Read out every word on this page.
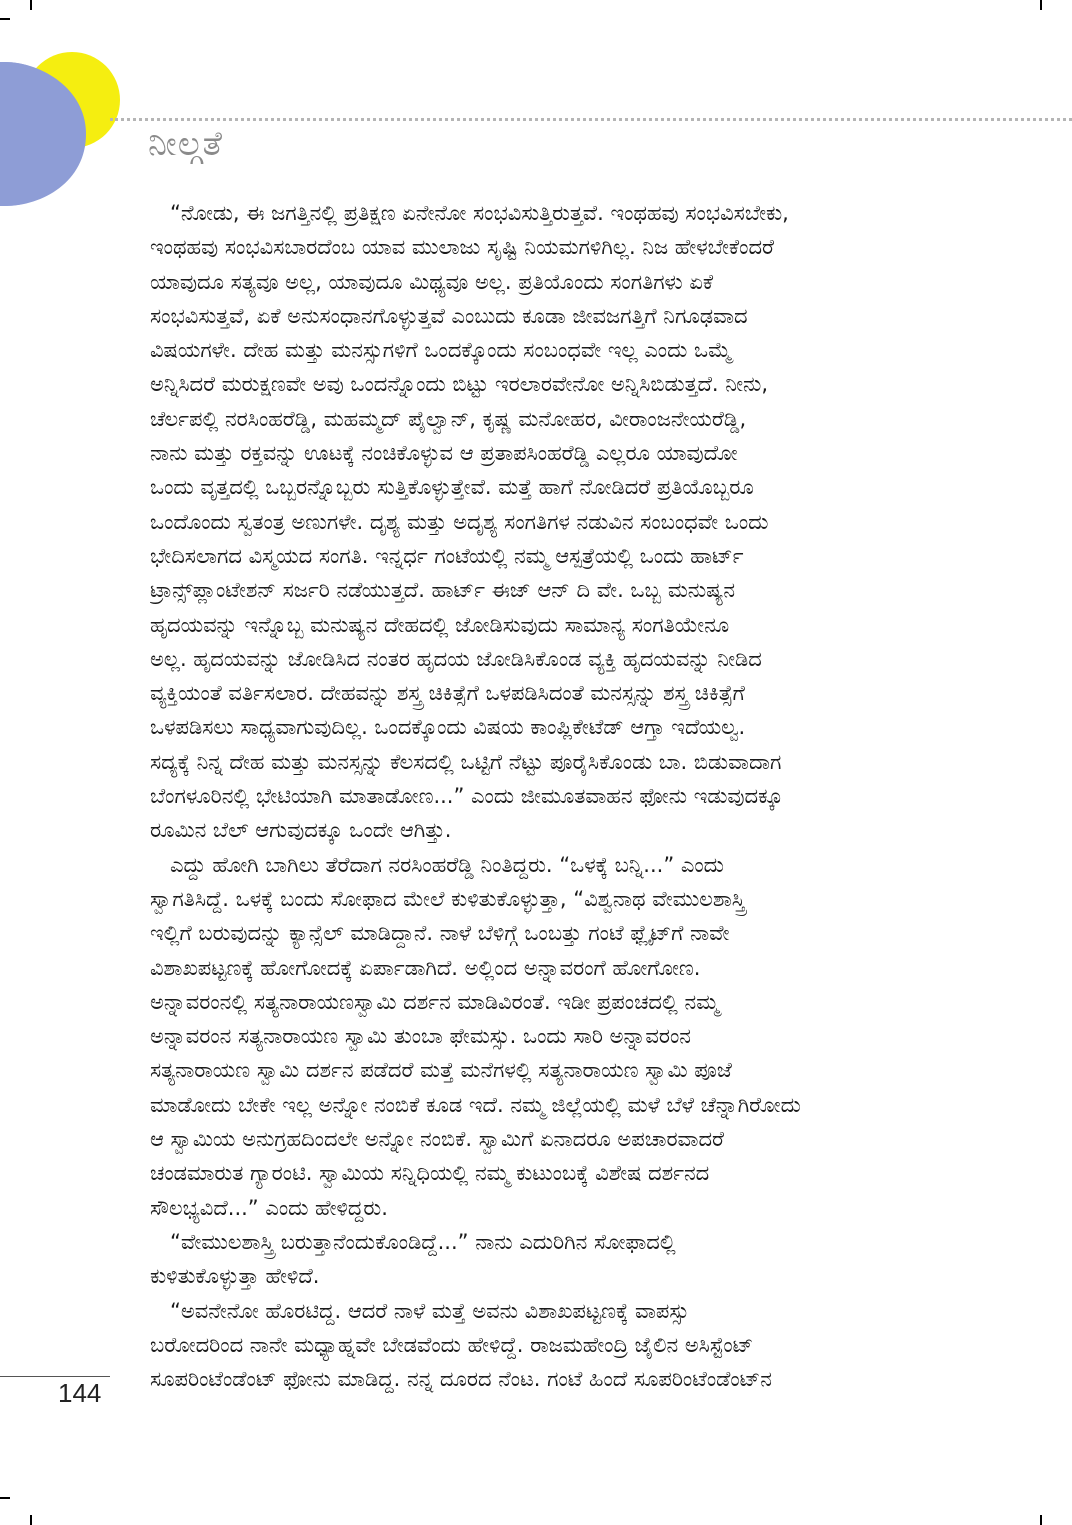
ನೀಲ್ಗತೆ
“ನೋಡು, ಈ ಜಗತ್ತಿನಲ್ಲಿ ಪ್ರತಿಕ್ಷಣ ಏನೇನೋ ಸಂಭವಿಸುತ್ತಿರುತ್ತವೆ. ಇಂಥಹವು ಸಂಭವಿಸಬೇಕು,
ಇಂಥಹವು ಸಂಭವಿಸಬಾರದೆಂಬ ಯಾವ ಮುಲಾಜು ಸೃಷ್ಟಿ ನಿಯಮಗಳಿಗಿಲ್ಲ. ನಿಜ ಹೇಳಬೇಕೆಂದರೆ
ಯಾವುದೂ ಸತ್ಯವೂ ಅಲ್ಲ, ಯಾವುದೂ ಮಿಥ್ಯವೂ ಅಲ್ಲ. ಪ್ರತಿಯೊಂದು ಸಂಗತಿಗಳು ಏಕೆ
ಸಂಭವಿಸುತ್ತವೆ, ಏಕೆ ಅನುಸಂಧಾನಗೊಳ್ಳುತ್ತವೆ ಎಂಬುದು ಕೂಡಾ ಜೀವಜಗತ್ತಿಗೆ ನಿಗೂಢವಾದ
ವಿಷಯಗಳೇ. ದೇಹ ಮತ್ತು ಮನಸ್ಸುಗಳಿಗೆ ಒಂದಕ್ಕೊಂದು ಸಂಬಂಧವೇ ಇಲ್ಲ ಎಂದು ಒಮ್ಮೆ
ಅನ್ನಿಸಿದರೆ ಮರುಕ್ಷಣವೇ ಅವು ಒಂದನ್ನೊಂದು ಬಿಟ್ಟು ಇರಲಾರವೇನೋ ಅನ್ನಿಸಿಬಿಡುತ್ತದೆ. ನೀನು,
ಚೆರ್ಲಪಲ್ಲಿ ನರಸಿಂಹರೆಡ್ಡಿ, ಮಹಮ್ಮದ್ ಪೈಲ್ವಾನ್, ಕೃಷ್ಣ ಮನೋಹರ, ವೀರಾಂಜನೇಯರೆಡ್ಡಿ,
ನಾನು ಮತ್ತು ರಕ್ತವನ್ನು ಊಟಕ್ಕೆ ನಂಚಿಕೊಳ್ಳುವ ಆ ಪ್ರತಾಪಸಿಂಹರೆಡ್ಡಿ ಎಲ್ಲರೂ ಯಾವುದೋ
ಒಂದು ವೃತ್ತದಲ್ಲಿ ಒಬ್ಬರನ್ನೊಬ್ಬರು ಸುತ್ತಿಕೊಳ್ಳುತ್ತೇವೆ. ಮತ್ತೆ ಹಾಗೆ ನೋಡಿದರೆ ಪ್ರತಿಯೊಬ್ಬರೂ
ಒಂದೊಂದು ಸ್ವತಂತ್ರ ಅಣುಗಳೇ. ದೃಶ್ಯ ಮತ್ತು ಅದೃಶ್ಯ ಸಂಗತಿಗಳ ನಡುವಿನ ಸಂಬಂಧವೇ ಒಂದು
ಭೇದಿಸಲಾಗದ ವಿಸ್ಮಯದ ಸಂಗತಿ. ಇನ್ನರ್ಧ ಗಂಟೆಯಲ್ಲಿ ನಮ್ಮ ಆಸ್ಪತ್ರೆಯಲ್ಲಿ ಒಂದು ಹಾರ್ಟ್
ಟ್ರಾನ್ಸ್‌ಪ್ಲಾಂಟೇಶನ್ ಸರ್ಜರಿ ನಡೆಯುತ್ತದೆ. ಹಾರ್ಟ್ ಈಜ್ ಆನ್ ದಿ ವೇ. ಒಬ್ಬ ಮನುಷ್ಯನ
ಹೃದಯವನ್ನು ಇನ್ನೊಬ್ಬ ಮನುಷ್ಯನ ದೇಹದಲ್ಲಿ ಜೋಡಿಸುವುದು ಸಾಮಾನ್ಯ ಸಂಗತಿಯೇನೂ
ಅಲ್ಲ. ಹೃದಯವನ್ನು ಜೋಡಿಸಿದ ನಂತರ ಹೃದಯ ಜೋಡಿಸಿಕೊಂಡ ವ್ಯಕ್ತಿ ಹೃದಯವನ್ನು ನೀಡಿದ
ವ್ಯಕ್ತಿಯಂತೆ ವರ್ತಿಸಲಾರ. ದೇಹವನ್ನು ಶಸ್ತ್ರ ಚಿಕಿತ್ಸೆಗೆ ಒಳಪಡಿಸಿದಂತೆ ಮನಸ್ಸನ್ನು ಶಸ್ತ್ರ ಚಿಕಿತ್ಸೆಗೆ
ಒಳಪಡಿಸಲು ಸಾಧ್ಯವಾಗುವುದಿಲ್ಲ. ಒಂದಕ್ಕೊಂದು ವಿಷಯ ಕಾಂಪ್ಲಿಕೇಟೆಡ್ ಆಗ್ತಾ ಇದೆಯಲ್ವ.
ಸದ್ಯಕ್ಕೆ ನಿನ್ನ ದೇಹ ಮತ್ತು ಮನಸ್ಸನ್ನು ಕೆಲಸದಲ್ಲಿ ಒಟ್ಟಿಗೆ ನೆಟ್ಟು ಪೂರೈಸಿಕೊಂಡು ಬಾ. ಬಿಡುವಾದಾಗ
ಬೆಂಗಳೂರಿನಲ್ಲಿ ಭೇಟಿಯಾಗಿ ಮಾತಾಡೋಣ...” ಎಂದು ಜೀಮೂತವಾಹನ ಫೋನು ಇಡುವುದಕ್ಕೂ
ರೂಮಿನ ಬೆಲ್ ಆಗುವುದಕ್ಕೂ ಒಂದೇ ಆಗಿತ್ತು.
ಎದ್ದು ಹೋಗಿ ಬಾಗಿಲು ತೆರೆದಾಗ ನರಸಿಂಹರೆಡ್ಡಿ ನಿಂತಿದ್ದರು. “ಒಳಕ್ಕೆ ಬನ್ನಿ...” ಎಂದು
ಸ್ವಾಗತಿಸಿದ್ದೆ. ಒಳಕ್ಕೆ ಬಂದು ಸೋಫಾದ ಮೇಲೆ ಕುಳಿತುಕೊಳ್ಳುತ್ತಾ, “ವಿಶ್ವನಾಥ ವೇಮುಲಶಾಸ್ತ್ರಿ
ಇಲ್ಲಿಗೆ ಬರುವುದನ್ನು ಕ್ಯಾನ್ಸೆಲ್ ಮಾಡಿದ್ದಾನೆ. ನಾಳೆ ಬೆಳಿಗ್ಗೆ ಒಂಬತ್ತು ಗಂಟೆ ಫ್ಲೈಟ್‌ಗೆ ನಾವೇ
ವಿಶಾಖಪಟ್ಟಣಕ್ಕೆ ಹೋಗೋದಕ್ಕೆ ಏರ್ಪಾಡಾಗಿದೆ. ಅಲ್ಲಿಂದ ಅನ್ನಾವರಂಗೆ ಹೋಗೋಣ.
ಅನ್ನಾವರಂನಲ್ಲಿ ಸತ್ಯನಾರಾಯಣಸ್ವಾಮಿ ದರ್ಶನ ಮಾಡಿವಿರಂತೆ. ಇಡೀ ಪ್ರಪಂಚದಲ್ಲಿ ನಮ್ಮ
ಅನ್ನಾವರಂನ ಸತ್ಯನಾರಾಯಣ ಸ್ವಾಮಿ ತುಂಬಾ ಫೇಮಸ್ಸು. ಒಂದು ಸಾರಿ ಅನ್ನಾವರಂನ
ಸತ್ಯನಾರಾಯಣ ಸ್ವಾಮಿ ದರ್ಶನ ಪಡೆದರೆ ಮತ್ತೆ ಮನೆಗಳಲ್ಲಿ ಸತ್ಯನಾರಾಯಣ ಸ್ವಾಮಿ ಪೂಜೆ
ಮಾಡೋದು ಬೇಕೇ ಇಲ್ಲ ಅನ್ನೋ ನಂಬಿಕೆ ಕೂಡ ಇದೆ. ನಮ್ಮ ಜಿಲ್ಲೆಯಲ್ಲಿ ಮಳೆ ಬೆಳೆ ಚೆನ್ನಾಗಿರೋದು
ಆ ಸ್ವಾಮಿಯ ಅನುಗ್ರಹದಿಂದಲೇ ಅನ್ನೋ ನಂಬಿಕೆ. ಸ್ವಾಮಿಗೆ ಏನಾದರೂ ಅಪಚಾರವಾದರೆ
ಚಂಡಮಾರುತ ಗ್ಯಾರಂಟಿ. ಸ್ವಾಮಿಯ ಸನ್ನಿಧಿಯಲ್ಲಿ ನಮ್ಮ ಕುಟುಂಬಕ್ಕೆ ವಿಶೇಷ ದರ್ಶನದ
ಸೌಲಭ್ಯವಿದೆ...” ಎಂದು ಹೇಳಿದ್ದರು.
“ವೇಮುಲಶಾಸ್ತ್ರಿ ಬರುತ್ತಾನೆಂದುಕೊಂಡಿದ್ದೆ...” ನಾನು ಎದುರಿಗಿನ ಸೋಫಾದಲ್ಲಿ
ಕುಳಿತುಕೊಳ್ಳುತ್ತಾ ಹೇಳಿದೆ.
“ಅವನೇನೋ ಹೊರಟಿದ್ದ. ಆದರೆ ನಾಳೆ ಮತ್ತೆ ಅವನು ವಿಶಾಖಪಟ್ಟಣಕ್ಕೆ ವಾಪಸ್ಸು
ಬರೋದರಿಂದ ನಾನೇ ಮಧ್ಯಾಹ್ನವೇ ಬೇಡವೆಂದು ಹೇಳಿದ್ದೆ. ರಾಜಮಹೇಂದ್ರಿ ಜೈಲಿನ ಅಸಿಸ್ಟೆಂಟ್
ಸೂಪರಿಂಟೆಂಡೆಂಟ್ ಫೋನು ಮಾಡಿದ್ದ. ನನ್ನ ದೂರದ ನೆಂಟ. ಗಂಟೆ ಹಿಂದೆ ಸೂಪರಿಂಟೆಂಡೆಂಟ್‌ನ
144
